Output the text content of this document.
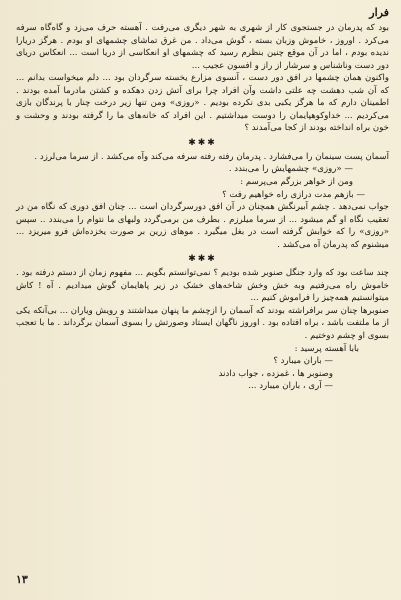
فرار

بود که پدرمان در جستجوی کار از شهری به شهر دیگری می‌رفت . آهسته حرف می‌زد و گاه‌گاه سرفه می‌کرد . اوروز ، خاموش وزبان بسته ، گوش می‌داد . من غرق تماشای چشمهای او بودم . هرگز دریارا ندیده بودم ، اما در آن موقع چنین بنظرم رسید که چشمهای او انعکاسی از دریا است ... انعکاس دریای دور دست وناشناس و سرشار از راز و افسون عجیب ...

واکنون همان چشمها در افق دور دست ، آنسوی مزارع یخسته سرگردان بود ... دلم میخواست بدانم ... که آن شب دهشت چه علتی داشت وآن افراد چرا برای آتش زدن دهکده و کشتن مادرما آمده بودند . اطمینان دارم که ما هرگز یکبی بدی نکرده بودیم . «روزی» ومن تنها زیر درخت چنار با پرندگان بازی می‌کردیم ... خداوکوهپایمان را دوست میداشتیم . این افراد که خانه‌های ما را گرفته بودند و وحشت و خون براه انداخته بودند از کجا می‌آمدند ؟

✱✱✱

آسمان پست سینمان را می‌فشارد . پدرمان رفته رفته سرفه می‌کند وآه می‌کشد . از سرما می‌لرزد .

— «روزی» چشمهایش را می‌بندد .
ومن از خواهر بزرگم می‌پرسم :
— بازهم مدت درازی راه خواهیم رفت ؟

جواب نمی‌دهد . چشم آبیرنگش همچنان در آن افق دورسرگردان است ... چنان افق دوری که نگاه من در تعقیب نگاه او گم میشود ... از سرما میلرزم . بطرف من برمی‌گردد ولبهای ما نتوام را می‌بندد .. سپس «روزی» را که خوابش گرفته است در بغل میگیرد . موهای زرین بر صورت یخزده‌اش فرو میریزد ... میشنوم که پدرمان آه می‌کشد .

✱✱✱

چند ساعت بود که وارد جنگل صنوبر شده بودیم ؟ نمی‌توانستم بگویم ... مفهوم زمان از دستم درفته بود . خاموش راه می‌رفتیم وبه خش وخش شاخه‌های خشک در زیر پاهایمان گوش میدادیم . آه ! کاش میتوانستیم همه‌چیز را فراموش کنیم ...

صنوبرها چنان سر برافراشته بودند که آسمان را ازچشم ما پنهان میداشتند و رویش ویاران ... بی‌آنکه یکی از ما ملتفت باشد ، براه افتاده بود . اوروز ناگهان ایستاد وصورتش را بسوی آسمان برگرداند . ما با تعجب بسوی او چشم دوختیم .

بابا آهسته پرسید :
— باران میبارد ؟
وصنوبر ها ، غمزده ، جواب دادند
— آری ، باران میبارد ...
۱۳
